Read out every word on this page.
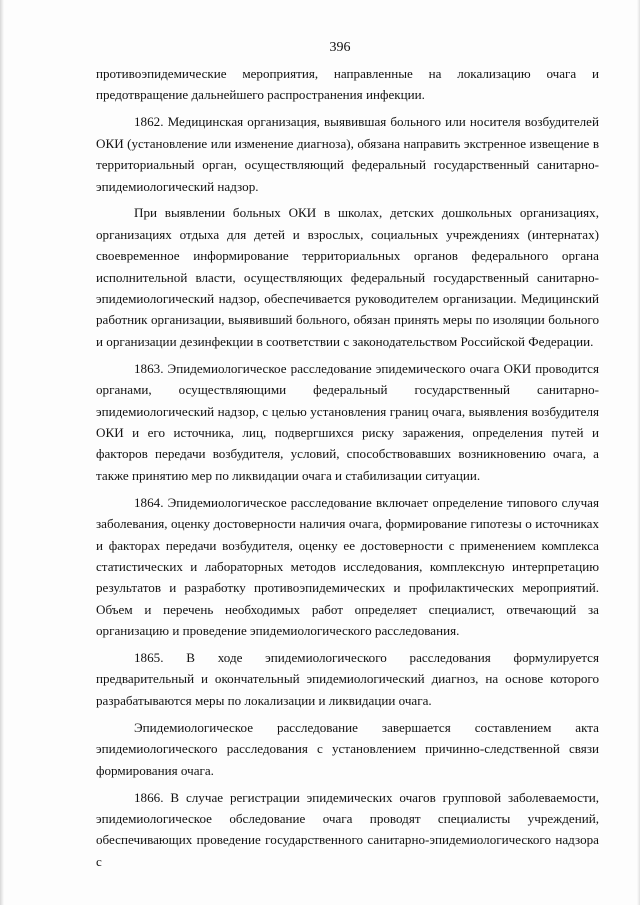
396

противоэпидемические мероприятия, направленные на локализацию очага и предотвращение дальнейшего распространения инфекции.

1862. Медицинская организация, выявившая больного или носителя возбудителей ОКИ (установление или изменение диагноза), обязана направить экстренное извещение в территориальный орган, осуществляющий федеральный государственный санитарно-эпидемиологический надзор.

При выявлении больных ОКИ в школах, детских дошкольных организациях, организациях отдыха для детей и взрослых, социальных учреждениях (интернатах) своевременное информирование территориальных органов федерального органа исполнительной власти, осуществляющих федеральный государственный санитарно-эпидемиологический надзор, обеспечивается руководителем организации. Медицинский работник организации, выявивший больного, обязан принять меры по изоляции больного и организации дезинфекции в соответствии с законодательством Российской Федерации.

1863. Эпидемиологическое расследование эпидемического очага ОКИ проводится органами, осуществляющими федеральный государственный санитарно-эпидемиологический надзор, с целью установления границ очага, выявления возбудителя ОКИ и его источника, лиц, подвергшихся риску заражения, определения путей и факторов передачи возбудителя, условий, способствовавших возникновению очага, а также принятию мер по ликвидации очага и стабилизации ситуации.

1864. Эпидемиологическое расследование включает определение типового случая заболевания, оценку достоверности наличия очага, формирование гипотезы о источниках и факторах передачи возбудителя, оценку ее достоверности с применением комплекса статистических и лабораторных методов исследования, комплексную интерпретацию результатов и разработку противоэпидемических и профилактических мероприятий. Объем и перечень необходимых работ определяет специалист, отвечающий за организацию и проведение эпидемиологического расследования.

1865. В ходе эпидемиологического расследования формулируется предварительный и окончательный эпидемиологический диагноз, на основе которого разрабатываются меры по локализации и ликвидации очага.

Эпидемиологическое расследование завершается составлением акта эпидемиологического расследования с установлением причинно-следственной связи формирования очага.

1866. В случае регистрации эпидемических очагов групповой заболеваемости, эпидемиологическое обследование очага проводят специалисты учреждений, обеспечивающих проведение государственного санитарно-эпидемиологического надзора с
